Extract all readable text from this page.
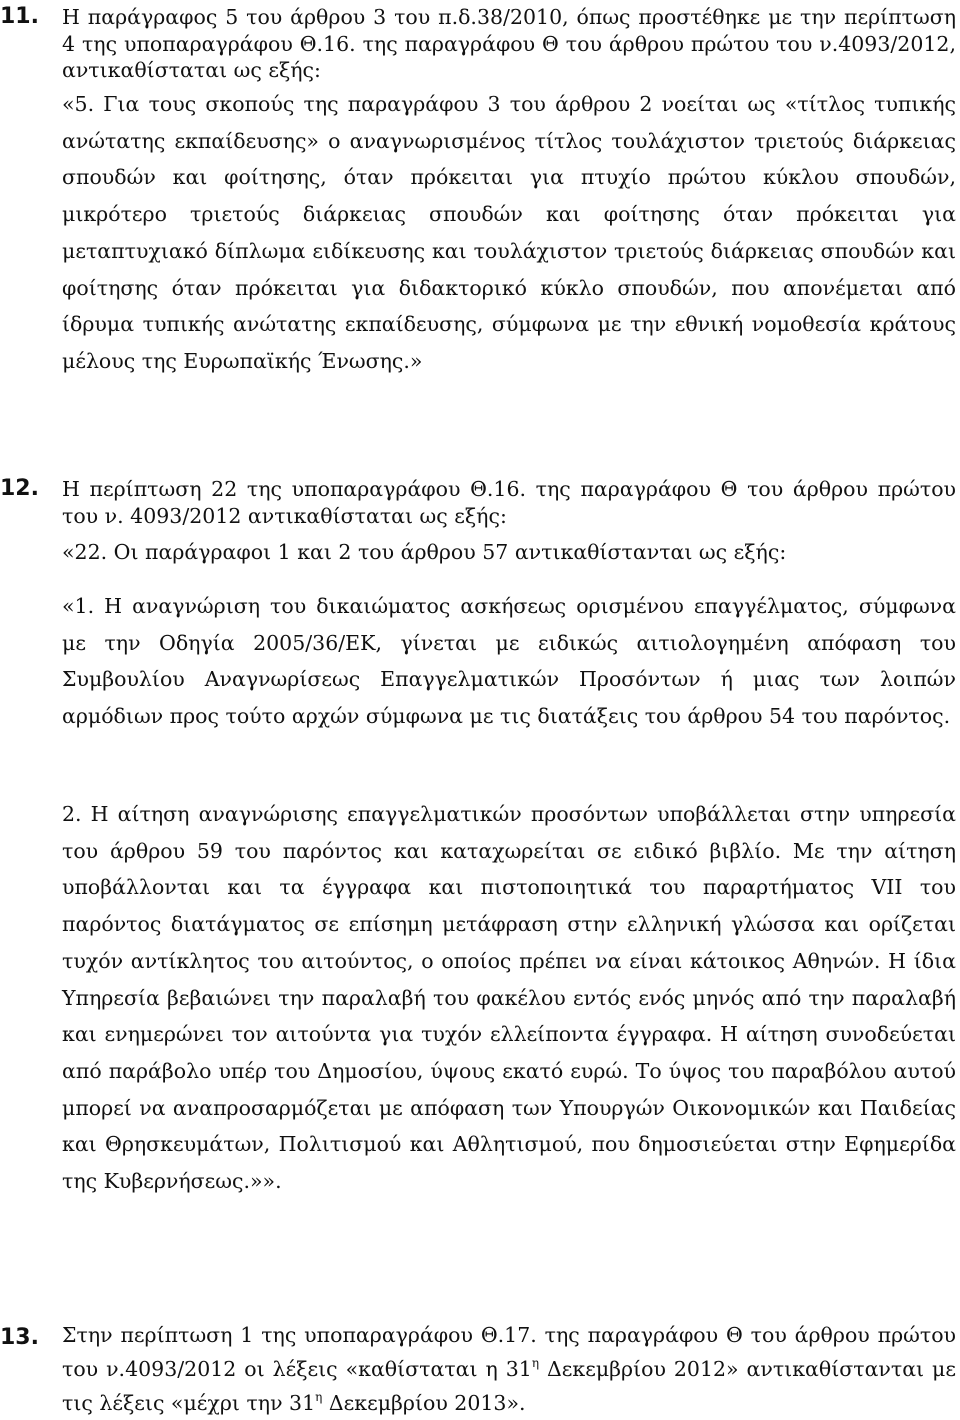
11. Η παράγραφος 5 του άρθρου 3 του π.δ.38/2010, όπως προστέθηκε με την περίπτωση 4 της υποπαραγράφου Θ.16. της παραγράφου Θ του άρθρου πρώτου του ν.4093/2012, αντικαθίσταται ως εξής:

«5. Για τους σκοπούς της παραγράφου 3 του άρθρου 2 νοείται ως «τίτλος τυπικής ανώτατης εκπαίδευσης» ο αναγνωρισμένος τίτλος τουλάχιστον τριετούς διάρκειας σπουδών και φοίτησης, όταν πρόκειται για πτυχίο πρώτου κύκλου σπουδών, μικρότερο τριετούς διάρκειας σπουδών και φοίτησης όταν πρόκειται για μεταπτυχιακό δίπλωμα ειδίκευσης και τουλάχιστον τριετούς διάρκειας σπουδών και φοίτησης όταν πρόκειται για διδακτορικό κύκλο σπουδών, που απονέμεται από ίδρυμα τυπικής ανώτατης εκπαίδευσης, σύμφωνα με την εθνική νομοθεσία κράτους μέλους της Ευρωπαϊκής Ένωσης.»

12. Η περίπτωση 22 της υποπαραγράφου Θ.16. της παραγράφου Θ του άρθρου πρώτου του ν. 4093/2012 αντικαθίσταται ως εξής:

«22. Οι παράγραφοι 1 και 2 του άρθρου 57 αντικαθίστανται ως εξής:

«1. Η αναγνώριση του δικαιώματος ασκήσεως ορισμένου επαγγέλματος, σύμφωνα με την Οδηγία 2005/36/ΕΚ, γίνεται με ειδικώς αιτιολογημένη απόφαση του Συμβουλίου Αναγνωρίσεως Επαγγελματικών Προσόντων ή μιας των λοιπών αρμόδιων προς τούτο αρχών σύμφωνα με τις διατάξεις του άρθρου 54 του παρόντος.

2. Η αίτηση αναγνώρισης επαγγελματικών προσόντων υποβάλλεται στην υπηρεσία του άρθρου 59 του παρόντος και καταχωρείται σε ειδικό βιβλίο. Με την αίτηση υποβάλλονται και τα έγγραφα και πιστοποιητικά του παραρτήματος VII του παρόντος διατάγματος σε επίσημη μετάφραση στην ελληνική γλώσσα και ορίζεται τυχόν αντίκλητος του αιτούντος, ο οποίος πρέπει να είναι κάτοικος Αθηνών. Η ίδια Υπηρεσία βεβαιώνει την παραλαβή του φακέλου εντός ενός μηνός από την παραλαβή και ενημερώνει τον αιτούντα για τυχόν ελλείποντα έγγραφα. Η αίτηση συνοδεύεται από παράβολο υπέρ του Δημοσίου, ύψους εκατό ευρώ. Το ύψος του παραβόλου αυτού μπορεί να αναπροσαρμόζεται με απόφαση των Υπουργών Οικονομικών και Παιδείας και Θρησκευμάτων, Πολιτισμού και Αθλητισμού, που δημοσιεύεται στην Εφημερίδα της Κυβερνήσεως.»».

13. Στην περίπτωση 1 της υποπαραγράφου Θ.17. της παραγράφου Θ του άρθρου πρώτου του ν.4093/2012 οι λέξεις «καθίσταται η $31^\eta$ Δεκεμβρίου 2012» αντικαθίστανται με τις λέξεις «μέχρι την $31^\eta$ Δεκεμβρίου 2013».
